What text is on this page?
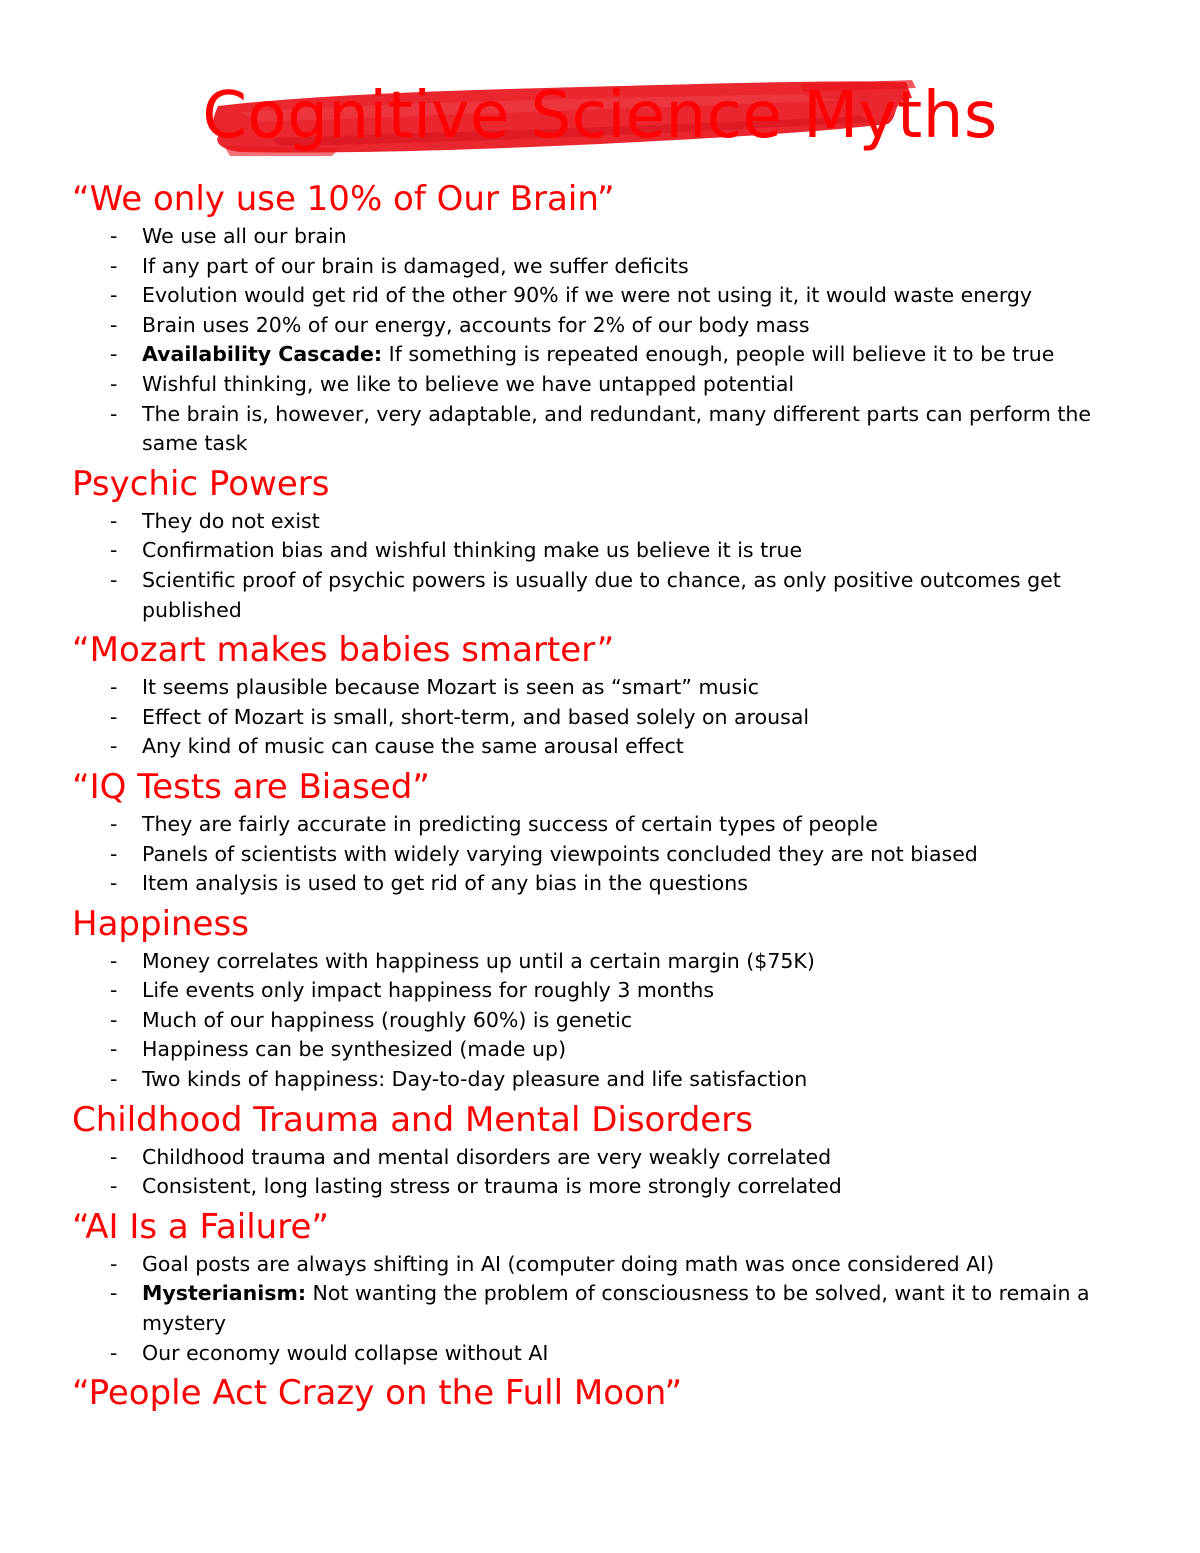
Cognitive Science Myths
“We only use 10% of Our Brain”
- We use all our brain
- If any part of our brain is damaged, we suffer deficits
- Evolution would get rid of the other 90% if we were not using it, it would waste energy
- Brain uses 20% of our energy, accounts for 2% of our body mass
- Availability Cascade: If something is repeated enough, people will believe it to be true
- Wishful thinking, we like to believe we have untapped potential
- The brain is, however, very adaptable, and redundant, many different parts can perform the same task
Psychic Powers
- They do not exist
- Confirmation bias and wishful thinking make us believe it is true
- Scientific proof of psychic powers is usually due to chance, as only positive outcomes get published
“Mozart makes babies smarter”
- It seems plausible because Mozart is seen as “smart” music
- Effect of Mozart is small, short-term, and based solely on arousal
- Any kind of music can cause the same arousal effect
“IQ Tests are Biased”
- They are fairly accurate in predicting success of certain types of people
- Panels of scientists with widely varying viewpoints concluded they are not biased
- Item analysis is used to get rid of any bias in the questions
Happiness
- Money correlates with happiness up until a certain margin ($75K)
- Life events only impact happiness for roughly 3 months
- Much of our happiness (roughly 60%) is genetic
- Happiness can be synthesized (made up)
- Two kinds of happiness: Day-to-day pleasure and life satisfaction
Childhood Trauma and Mental Disorders
- Childhood trauma and mental disorders are very weakly correlated
- Consistent, long lasting stress or trauma is more strongly correlated
“AI Is a Failure”
- Goal posts are always shifting in AI (computer doing math was once considered AI)
- Mysterianism: Not wanting the problem of consciousness to be solved, want it to remain a mystery
- Our economy would collapse without AI
“People Act Crazy on the Full Moon”
